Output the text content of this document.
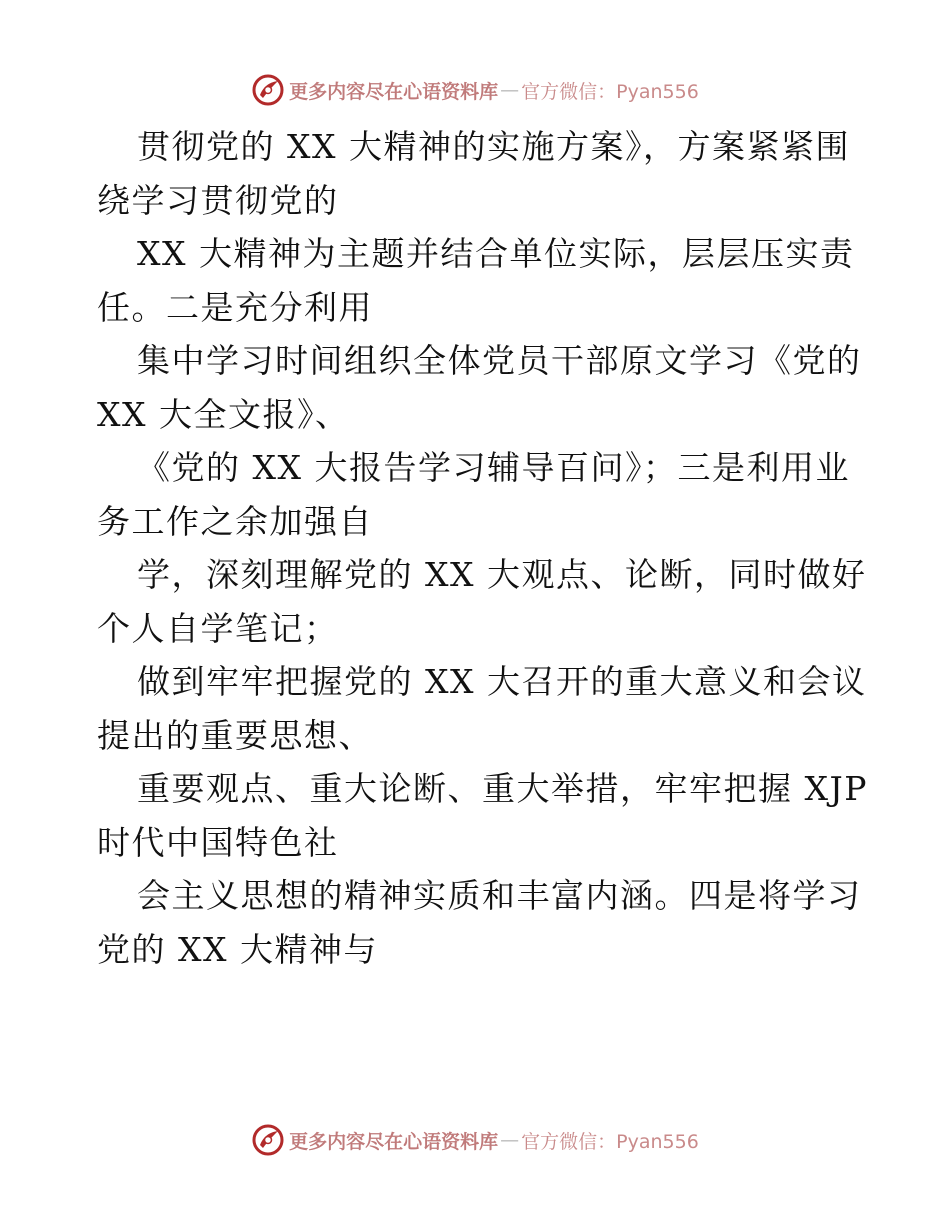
更多内容尽在心语资料库 — 官方微信：Pyan556
贯彻党的 XX 大精神的实施方案》，方案紧紧围
绕学习贯彻党的
XX 大精神为主题并结合单位实际，层层压实责
任。二是充分利用
集中学习时间组织全体党员干部原文学习《党的
XX 大全文报》、
《党的 XX 大报告学习辅导百问》；三是利用业
务工作之余加强自
学，深刻理解党的 XX 大观点、论断，同时做好
个人自学笔记；
做到牢牢把握党的 XX 大召开的重大意义和会议
提出的重要思想、
重要观点、重大论断、重大举措，牢牢把握 XJP
时代中国特色社
会主义思想的精神实质和丰富内涵。四是将学习
党的 XX 大精神与
更多内容尽在心语资料库 — 官方微信：Pyan556
